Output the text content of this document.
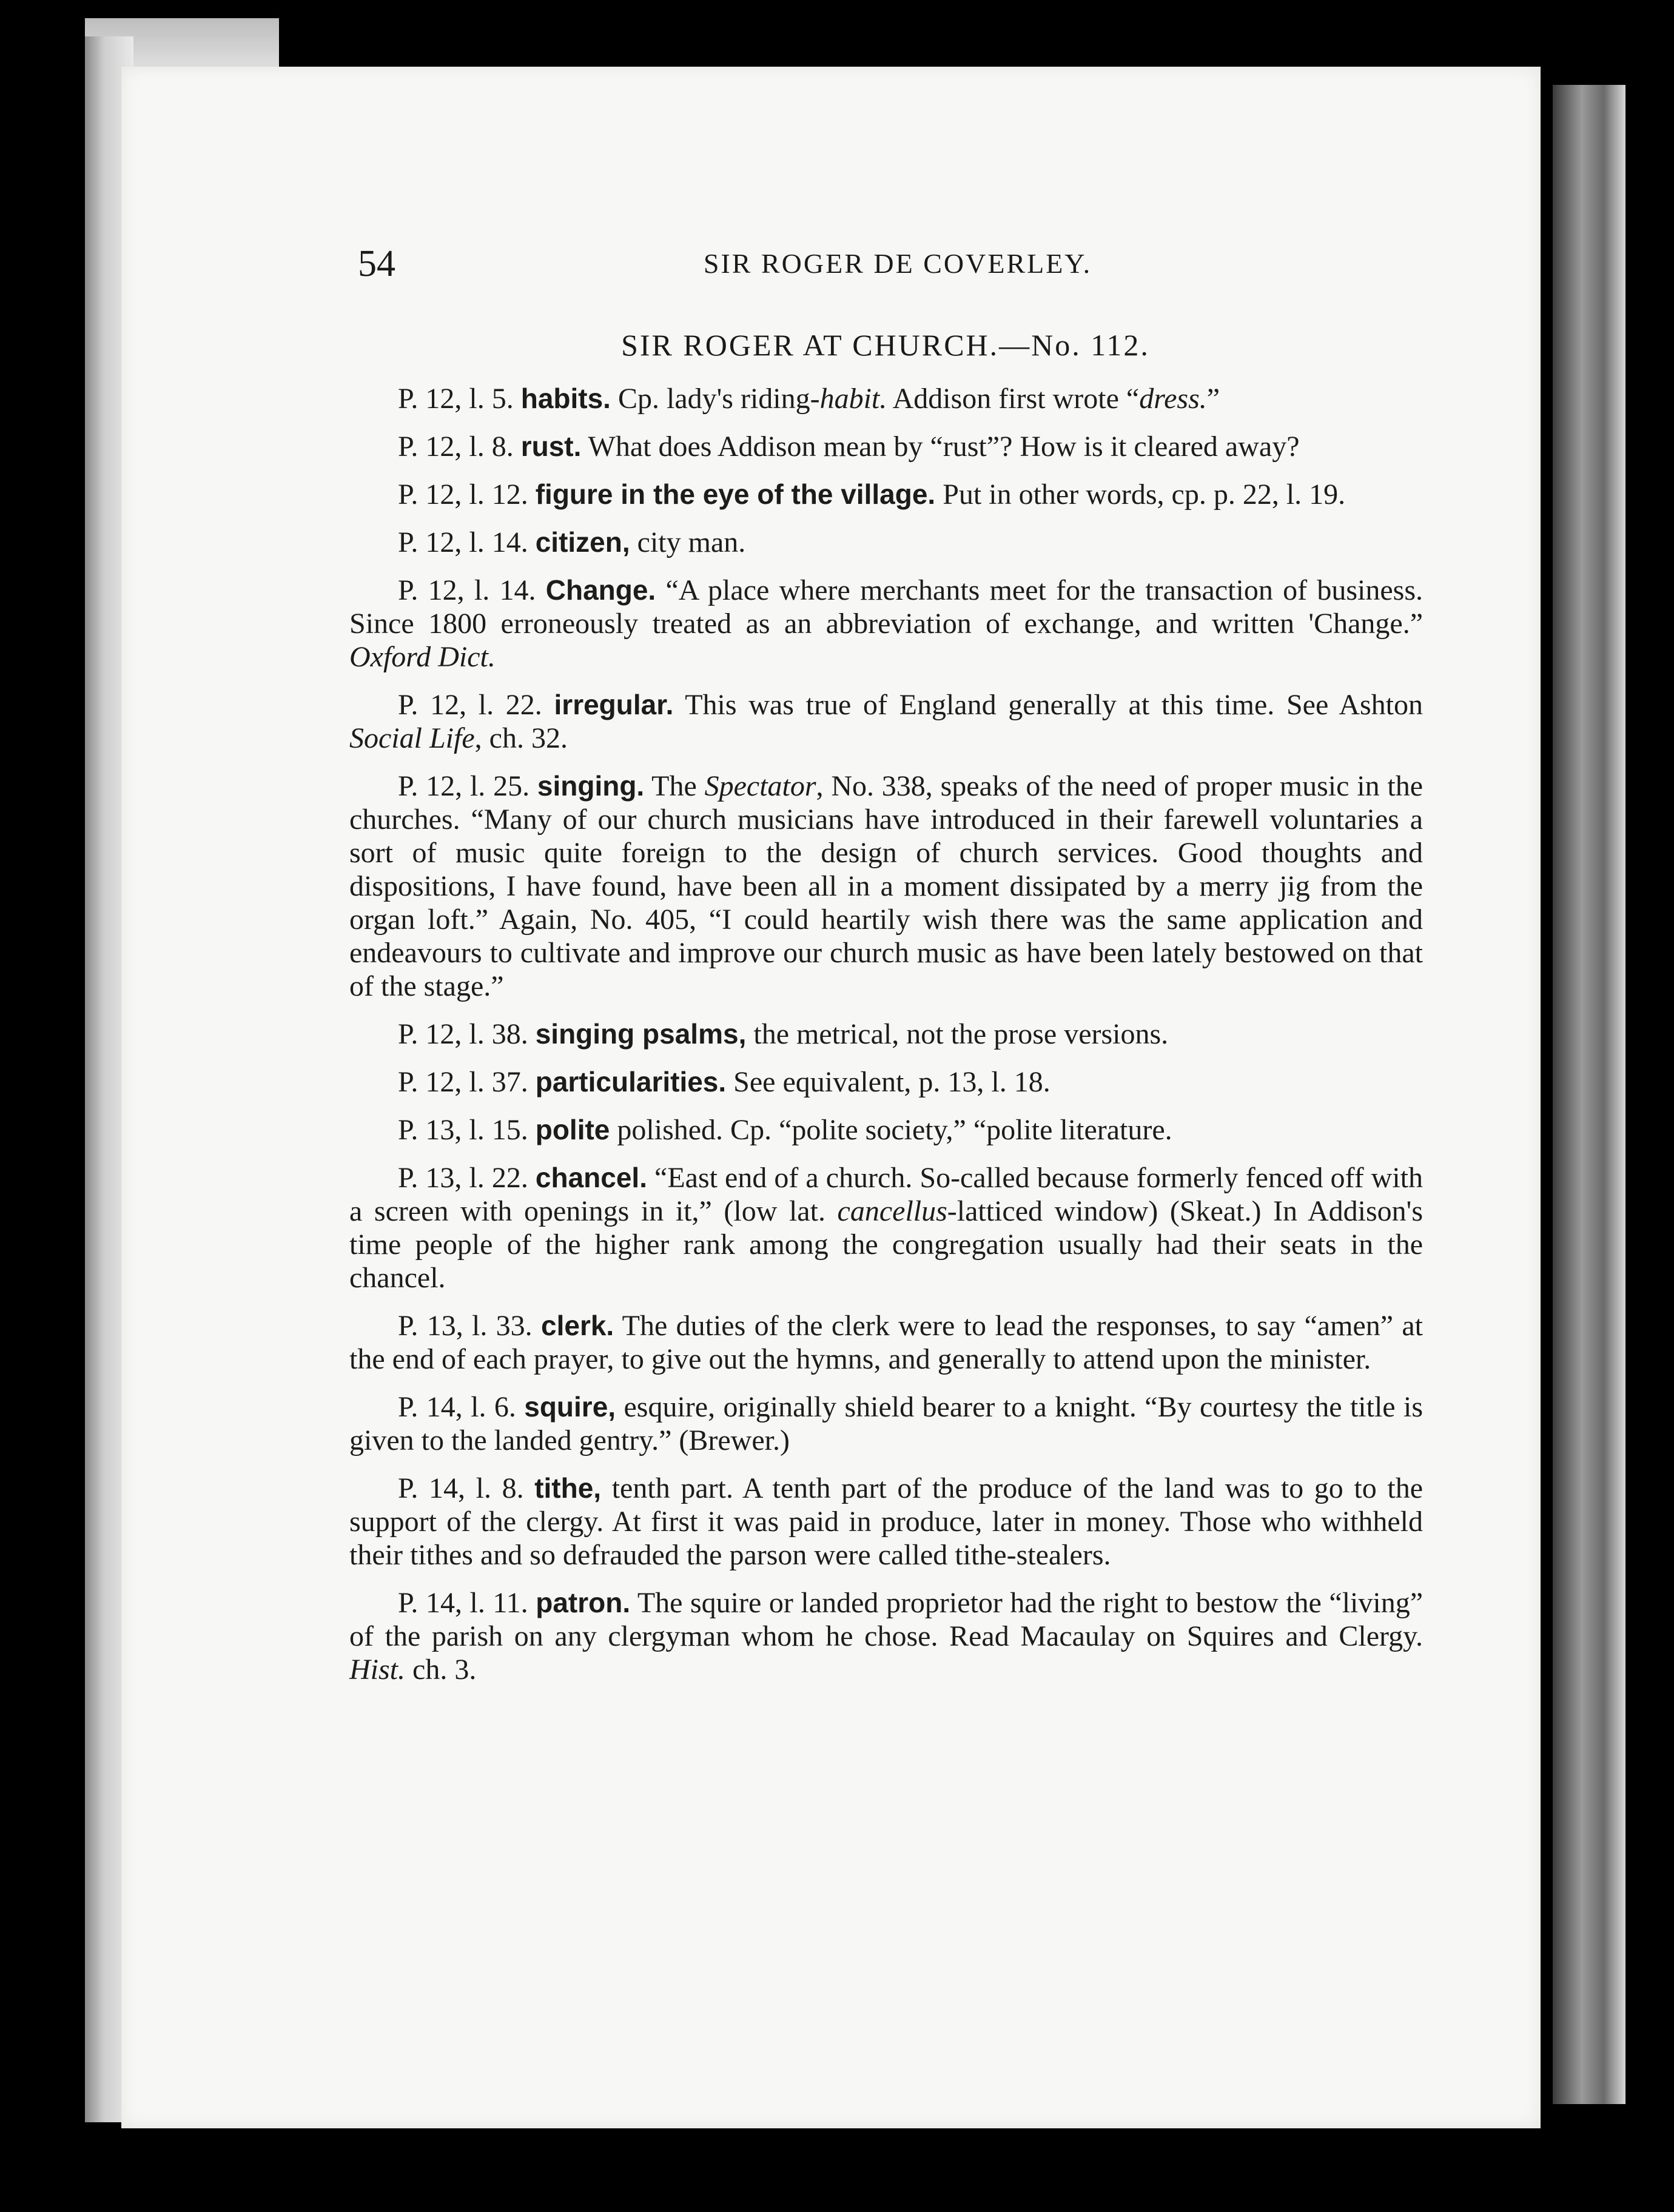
54	SIR ROGER DE COVERLEY.
SIR ROGER AT CHURCH.—No. 112.

P. 12, l. 5. habits. Cp. lady's riding-habit. Addison first wrote “dress.”

P. 12, l. 8. rust. What does Addison mean by “rust”? How is it cleared away?

P. 12, l. 12. figure in the eye of the village. Put in other words, cp. p. 22, l. 19.

P. 12, l. 14. citizen, city man.

P. 12, l. 14. Change. “A place where merchants meet for the transaction of business. Since 1800 erroneously treated as an abbreviation of exchange, and written 'Change.” Oxford Dict.

P. 12, l. 22. irregular. This was true of England generally at this time. See Ashton Social Life, ch. 32.

P. 12, l. 25. singing. The Spectator, No. 338, speaks of the need of proper music in the churches. “Many of our church musicians have introduced in their farewell voluntaries a sort of music quite foreign to the design of church services. Good thoughts and dispositions, I have found, have been all in a moment dissipated by a merry jig from the organ loft.” Again, No. 405, “I could heartily wish there was the same application and endeavours to cultivate and improve our church music as have been lately bestowed on that of the stage.”

P. 12, l. 38. singing psalms, the metrical, not the prose versions.

P. 12, l. 37. particularities. See equivalent, p. 13, l. 18.

P. 13, l. 15. polite polished. Cp. “polite society,” “polite literature.

P. 13, l. 22. chancel. “East end of a church. So-called because formerly fenced off with a screen with openings in it,” (low lat. cancellus-latticed window) (Skeat.) In Addison's time people of the higher rank among the congregation usually had their seats in the chancel.

P. 13, l. 33. clerk. The duties of the clerk were to lead the responses, to say “amen” at the end of each prayer, to give out the hymns, and generally to attend upon the minister.

P. 14, l. 6. squire, esquire, originally shield bearer to a knight. “By courtesy the title is given to the landed gentry.” (Brewer.)

P. 14, l. 8. tithe, tenth part. A tenth part of the produce of the land was to go to the support of the clergy. At first it was paid in produce, later in money. Those who withheld their tithes and so defrauded the parson were called tithe-stealers.

P. 14, l. 11. patron. The squire or landed proprietor had the right to bestow the “living” of the parish on any clergyman whom he chose. Read Macaulay on Squires and Clergy. Hist. ch. 3.
